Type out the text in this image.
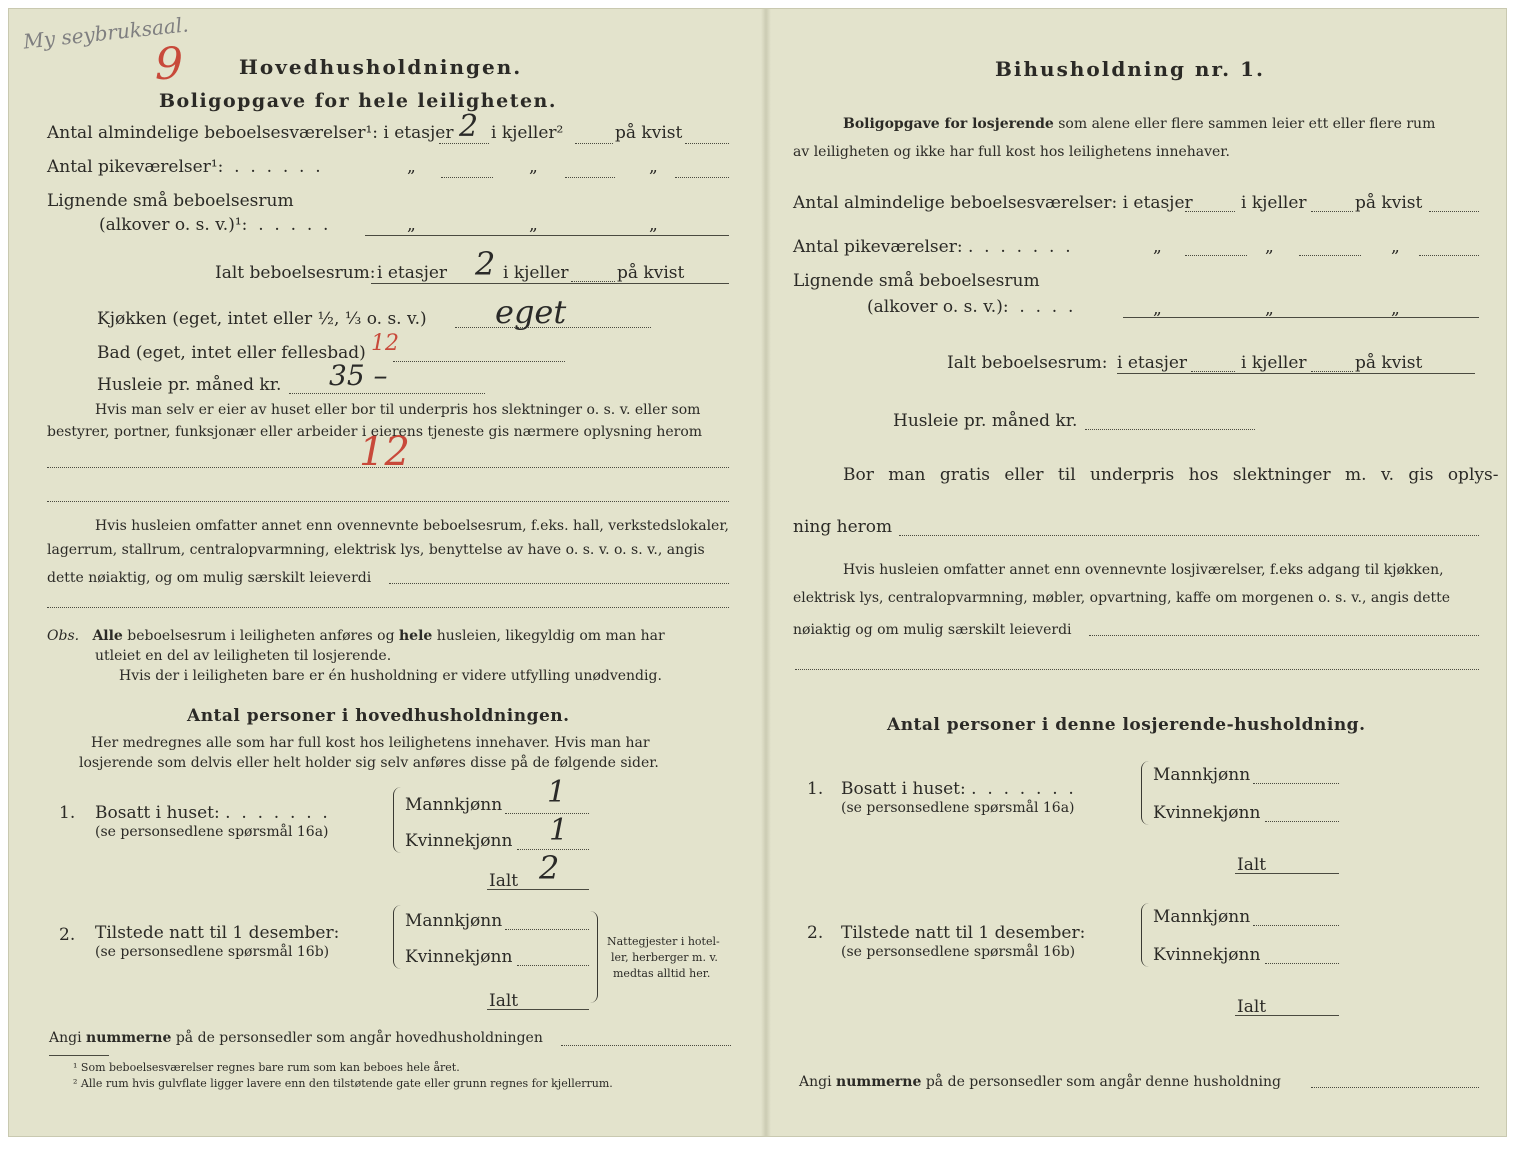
My seybruksaal.
9
12
12
Hovedhusholdningen.
Boligopgave for hele leiligheten.
Antal almindelige beboelsesværelser¹: i etasjer 2 i kjeller²	på kvist
Antal pikeværelser¹:  .  .  .  .  .  .	„	„	„
Lignende små beboelsesrum
(alkover o. s. v.)¹:  .  .  .  .  .	„	„	„
Ialt beboelsesrum: i etasjer 2 i kjeller	på kvist
Kjøkken (eget, intet eller ½, ⅓ o. s. v.) eget
Bad (eget, intet eller fellesbad)
Husleie pr. måned kr. 35 –
Hvis man selv er eier av huset eller bor til underpris hos slektninger o. s. v. eller som
bestyrer, portner, funksjonær eller arbeider i eierens tjeneste gis nærmere oplysning herom
Hvis husleien omfatter annet enn ovennevnte beboelsesrum, f.eks. hall, verkstedslokaler,
lagerrum, stallrum, centralopvarmning, elektrisk lys, benyttelse av have o. s. v. o. s. v., angis
dette nøiaktig, og om mulig særskilt leieverdi
Obs. Alle beboelsesrum i leiligheten anføres og hele husleien, likegyldig om man har
utleiet en del av leiligheten til losjerende.
Hvis der i leiligheten bare er én husholdning er videre utfylling unødvendig.
Antal personer i hovedhusholdningen.
Her medregnes alle som har full kost hos leilighetens innehaver. Hvis man har
losjerende som delvis eller helt holder sig selv anføres disse på de følgende sider.
1. Bosatt i huset: .  .  .  .  .  .  .
(se personsedlene spørsmål 16a)
Mannkjønn 1
Kvinnekjønn 1
Ialt 2
2. Tilstede natt til 1 desember:
(se personsedlene spørsmål 16b)
Mannkjønn
Kvinnekjønn
Ialt
Nattegjester i hotel-
ler, herberger m. v.
medtas alltid her.
Angi nummerne på de personsedler som angår hovedhusholdningen
¹ Som beboelsesværelser regnes bare rum som kan beboes hele året.
² Alle rum hvis gulvflate ligger lavere enn den tilstøtende gate eller grunn regnes for kjellerrum.
Bihusholdning nr. 1.
Boligopgave for losjerende som alene eller flere sammen leier ett eller flere rum
av leiligheten og ikke har full kost hos leilighetens innehaver.
Antal almindelige beboelsesværelser: i etasjer	i kjeller	på kvist
Antal pikeværelser: .  .  .  .  .  .  .	„	„	„
Lignende små beboelsesrum
(alkover o. s. v.):  .  .  .  .	„	„	„
Ialt beboelsesrum: i etasjer	i kjeller	på kvist
Husleie pr. måned kr.
Bor man gratis eller til underpris hos slektninger m. v. gis oplys-
ning herom
Hvis husleien omfatter annet enn ovennevnte losjiværelser, f.eks adgang til kjøkken,
elektrisk lys, centralopvarmning, møbler, opvartning, kaffe om morgenen o. s. v., angis dette
nøiaktig og om mulig særskilt leieverdi
Antal personer i denne losjerende-husholdning.
1. Bosatt i huset: .  .  .  .  .  .  .
(se personsedlene spørsmål 16a)
Mannkjønn
Kvinnekjønn
Ialt
2. Tilstede natt til 1 desember:
(se personsedlene spørsmål 16b)
Mannkjønn
Kvinnekjønn
Ialt
Angi nummerne på de personsedler som angår denne husholdning
